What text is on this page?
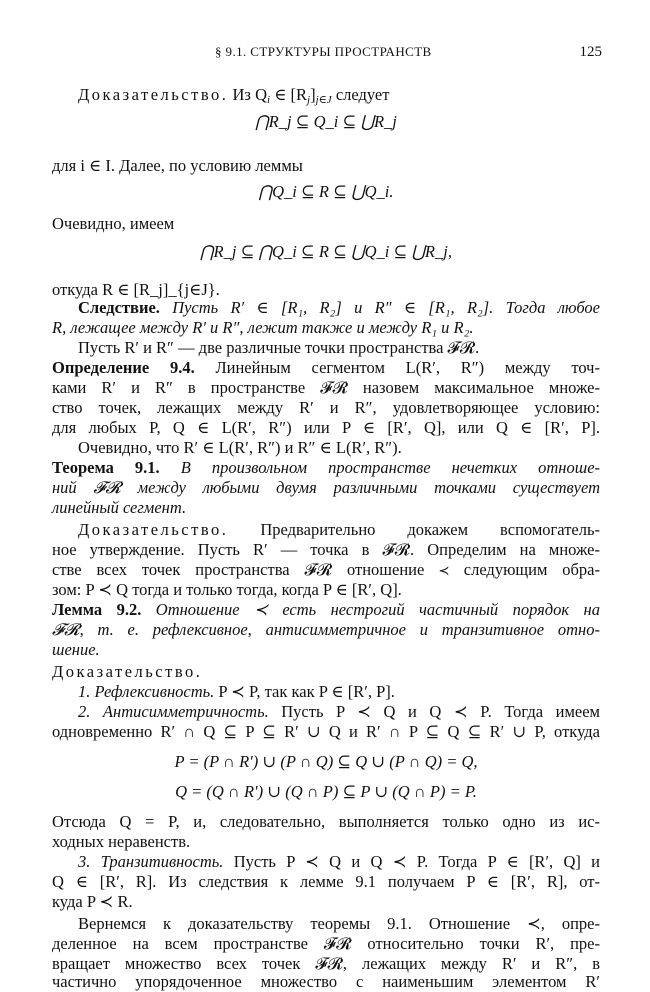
§ 9.1. СТРУКТУРЫ ПРОСТРАНСТВ	125
Доказательство. Из $Q_i$ ∈ $[R_j]_{j\in J}$ следует
⋂R_j ⊆ Q_i ⊆ ⋃R_j
для i ∈ I. Далее, по условию леммы
⋂Q_i ⊆ R ⊆ ⋃Q_i.
Очевидно, имеем
⋂R_j ⊆ ⋂Q_i ⊆ R ⊆ ⋃Q_i ⊆ ⋃R_j,
откуда R ∈ [R_j]_{j∈J}.
Следствие. Пусть R′ ∈ [R₁, R₂] и R″ ∈ [R₁, R₂]. Тогда любое
R, лежащее между R′ и R″, лежит также и между R₁ и R₂.
Пусть R′ и R″ — две различные точки пространства 𝓕𝓡.
Определение 9.4. Линейным сегментом L(R′, R″) между точ-
ками R′ и R″ в пространстве 𝓕𝓡 назовем максимальное множе-
ство точек, лежащих между R′ и R″, удовлетворяющее условию:
для любых P, Q ∈ L(R′, R″) или P ∈ [R′, Q], или Q ∈ [R′, P].
Очевидно, что R′ ∈ L(R′, R″) и R″ ∈ L(R′, R″).
Теорема 9.1. В произвольном пространстве нечетких отноше-
ний 𝓕𝓡 между любыми двумя различными точками существует
линейный сегмент.
Доказательство. Предварительно докажем вспомогатель-
ное утверждение. Пусть R′ — точка в 𝓕𝓡. Определим на множе-
стве всех точек пространства 𝓕𝓡 отношение ≺ следующим обра-
зом: P ≺ Q тогда и только тогда, когда P ∈ [R′, Q].
Лемма 9.2. Отношение ≺ есть нестрогий частичный порядок на
𝓕𝓡, т. е. рефлексивное, антисимметричное и транзитивное отно-
шение.
Доказательство.
1. Рефлексивность. P ≺ P, так как P ∈ [R′, P].
2. Антисимметричность. Пусть P ≺ Q и Q ≺ P. Тогда имеем
одновременно R′ ∩ Q ⊆ P ⊆ R′ ∪ Q и R′ ∩ P ⊆ Q ⊆ R′ ∪ P, откуда
P = (P ∩ R′) ∪ (P ∩ Q) ⊆ Q ∪ (P ∩ Q) = Q,
Q = (Q ∩ R′) ∪ (Q ∩ P) ⊆ P ∪ (Q ∩ P) = P.
Отсюда Q = P, и, следовательно, выполняется только одно из ис-
ходных неравенств.
3. Транзитивность. Пусть P ≺ Q и Q ≺ P. Тогда P ∈ [R′, Q] и
Q ∈ [R′, R]. Из следствия к лемме 9.1 получаем P ∈ [R′, R], от-
куда P ≺ R.
Вернемся к доказательству теоремы 9.1. Отношение ≺, опре-
деленное на всем пространстве 𝓕𝓡 относительно точки R′, пре-
вращает множество всех точек 𝓕𝓡, лежащих между R′ и R″, в
частично упорядоченное множество с наименьшим элементом R′
